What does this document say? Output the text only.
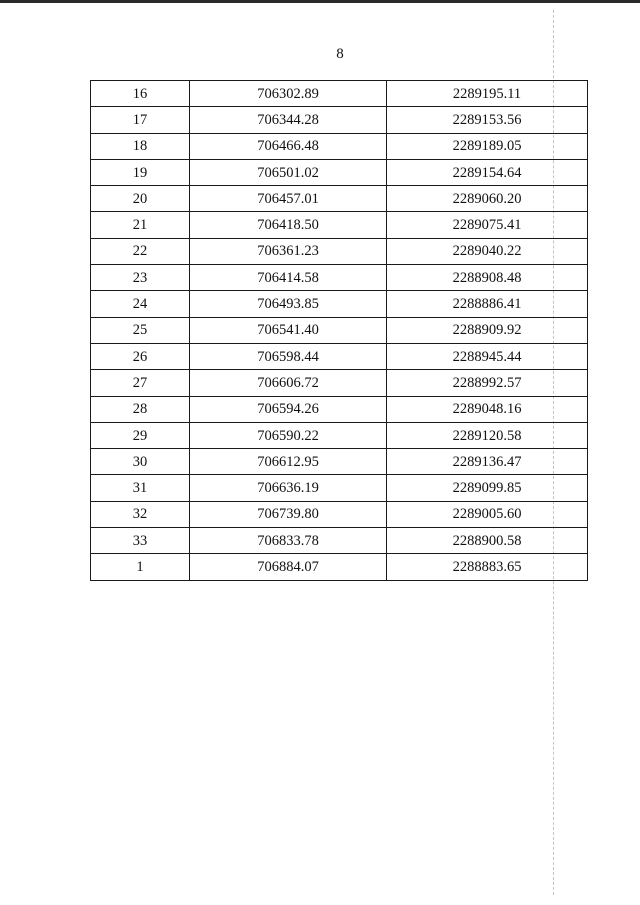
8
16	706302.89	2289195.11
17	706344.28	2289153.56
18	706466.48	2289189.05
19	706501.02	2289154.64
20	706457.01	2289060.20
21	706418.50	2289075.41
22	706361.23	2289040.22
23	706414.58	2288908.48
24	706493.85	2288886.41
25	706541.40	2288909.92
26	706598.44	2288945.44
27	706606.72	2288992.57
28	706594.26	2289048.16
29	706590.22	2289120.58
30	706612.95	2289136.47
31	706636.19	2289099.85
32	706739.80	2289005.60
33	706833.78	2288900.58
1	706884.07	2288883.65
